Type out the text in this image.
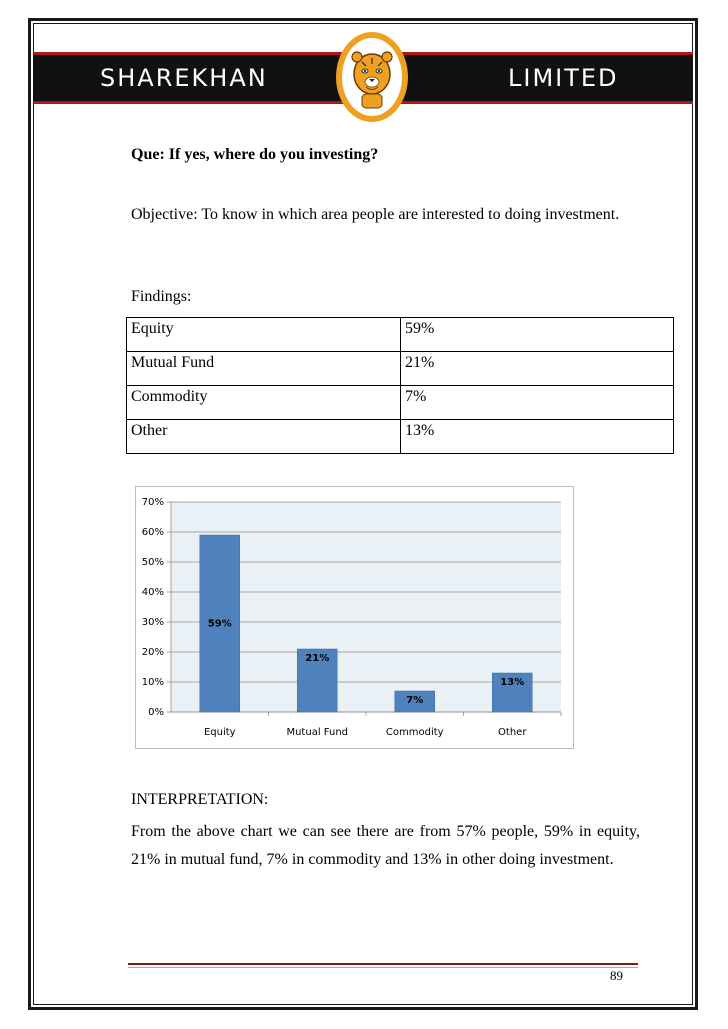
SHAREKHAN	LIMITED
Que: If yes, where do you investing?
Objective: To know in which area people are interested to doing investment.
Findings:
Equity	59%
Mutual Fund	21%
Commodity	7%
Other	13%
0%
10%
20%
30%
40%
50%
60%
70%
59%
Equity
21%
Mutual Fund
7%
Commodity
13%
Other
INTERPRETATION:
From the above chart we can see there are from 57% people, 59% in equity, 21% in mutual fund, 7% in commodity and 13% in other doing investment.
89
